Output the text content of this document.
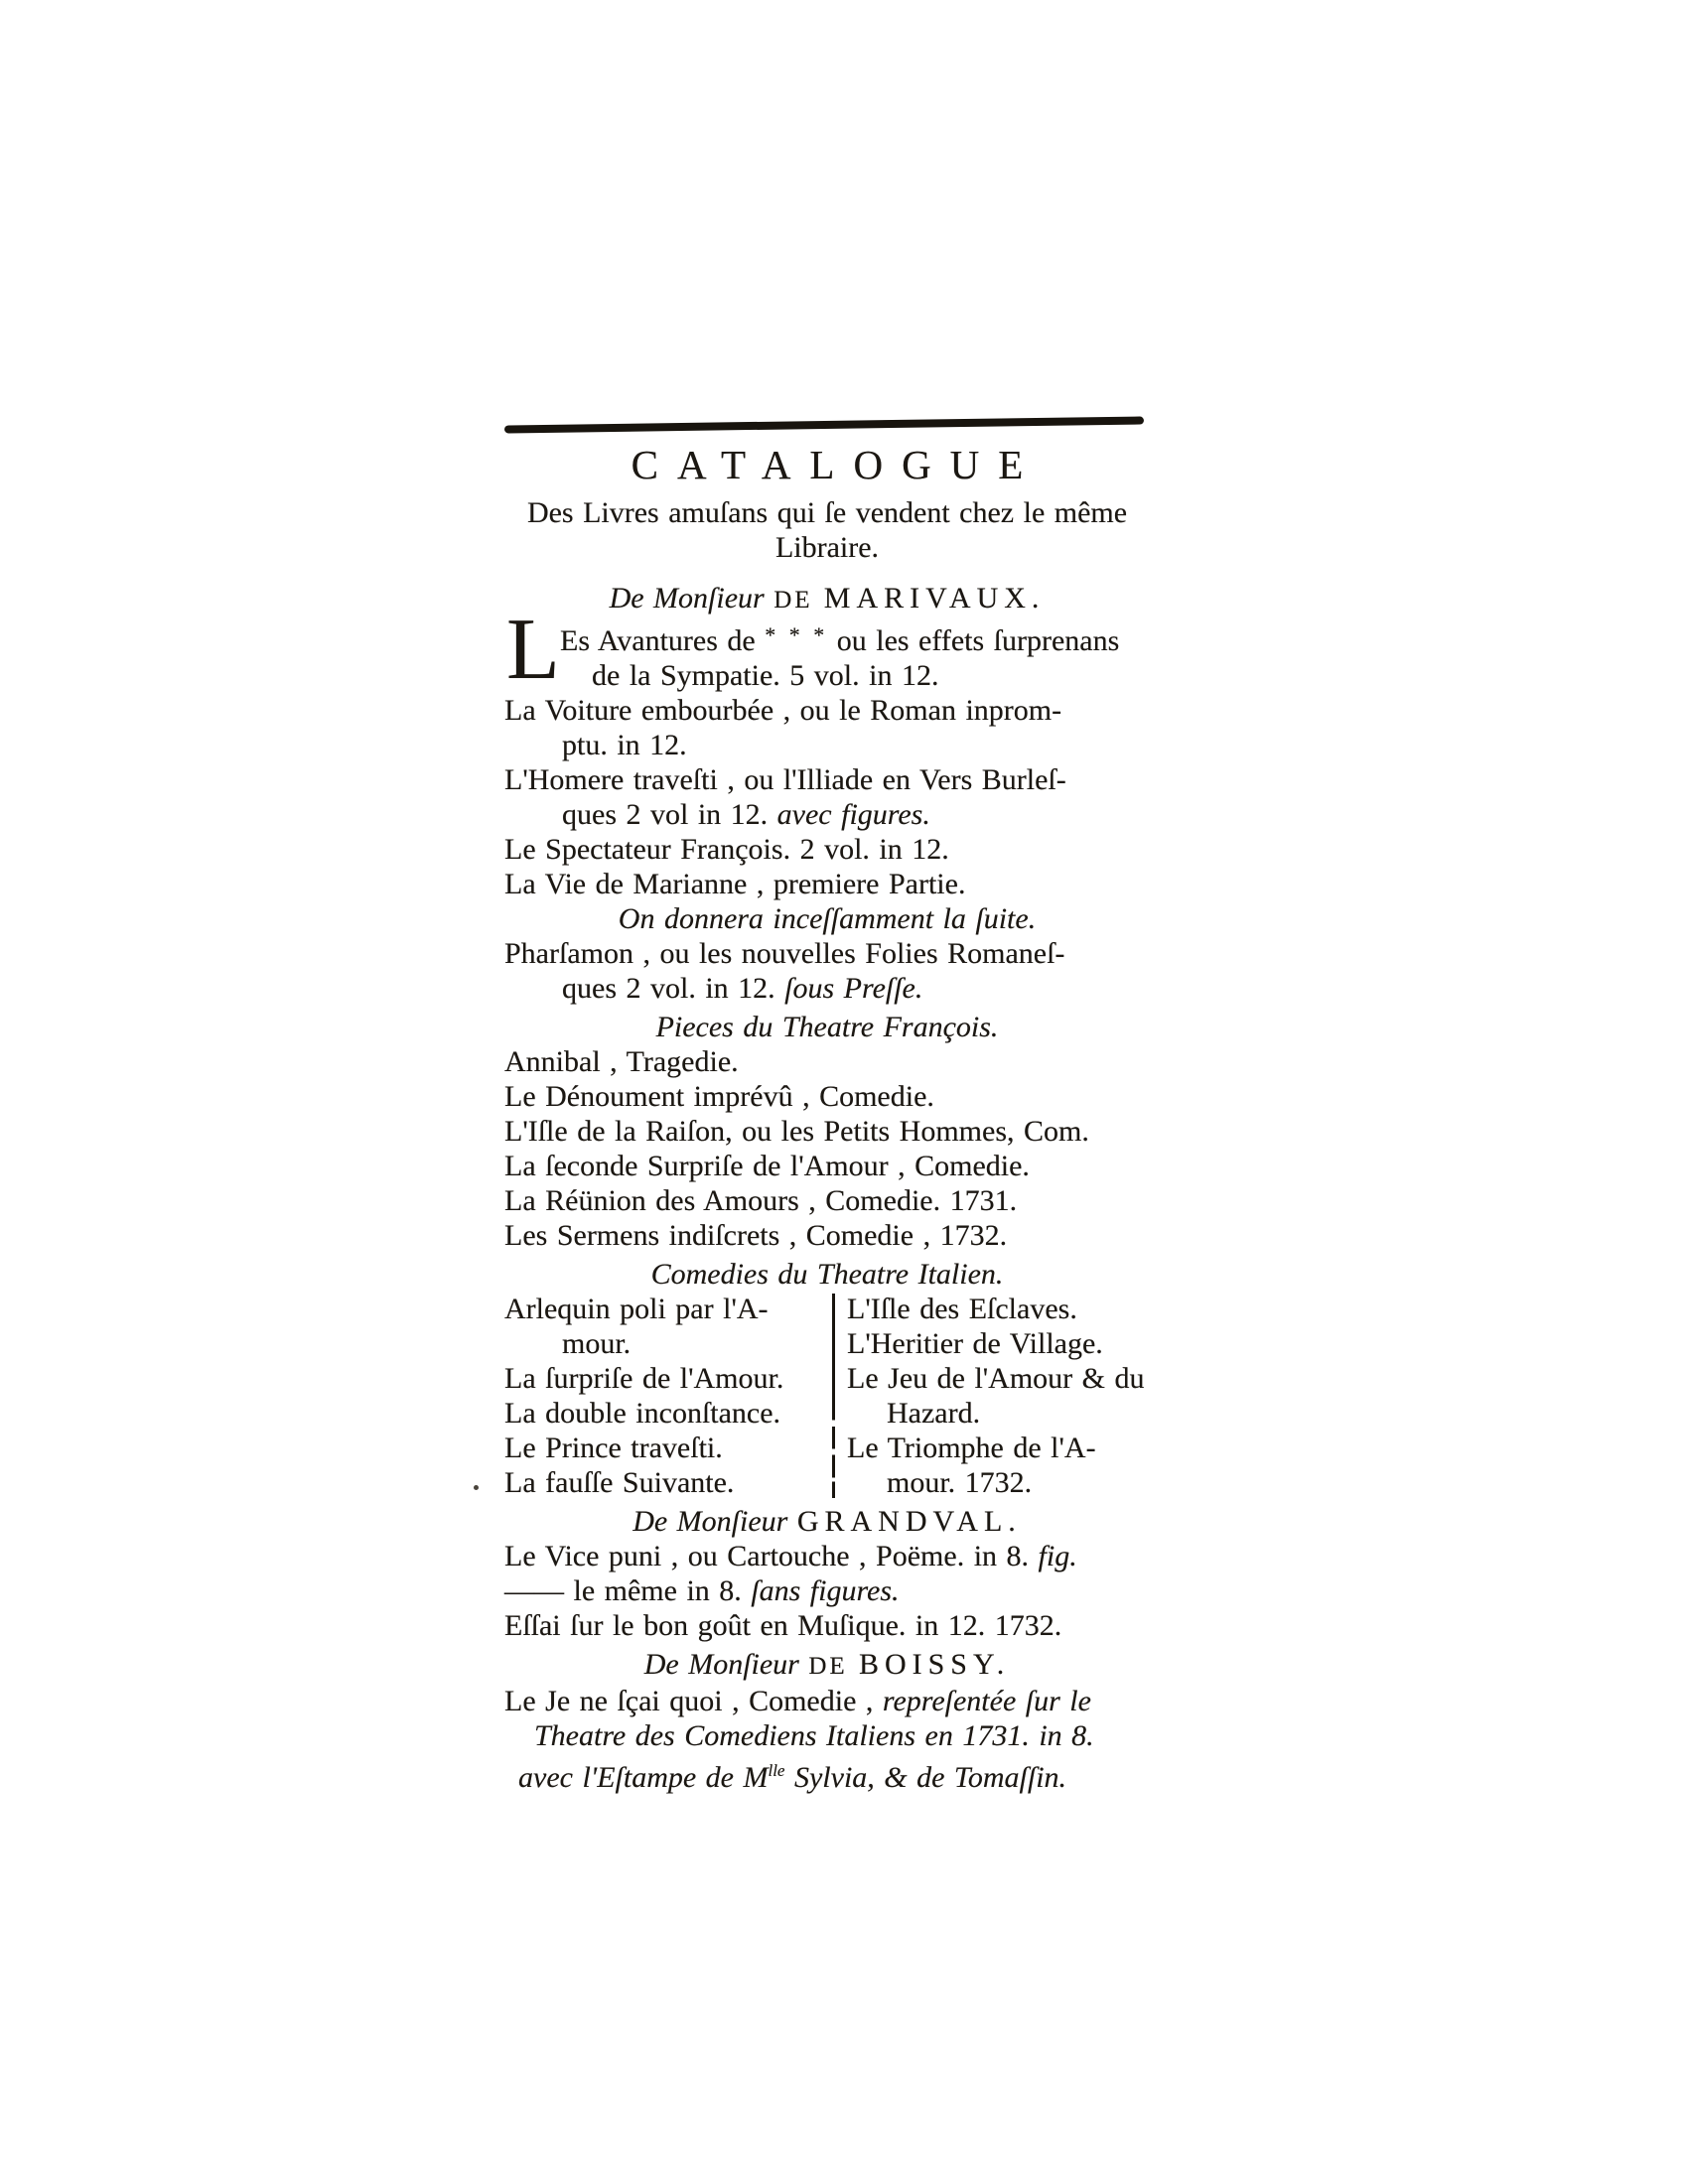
CATALOGUE
Des Livres amuſans qui ſe vendent chez le même
Libraire.
De Monſieur DE MARIVAUX.
L Es Avantures de * * * ou les effets ſurprenans
de la Sympatie. 5 vol. in 12.
La Voiture embourbée , ou le Roman inprom-
ptu. in 12.
L'Homere traveſti , ou l'Illiade en Vers Burleſ-
ques 2 vol in 12. avec figures.
Le Spectateur François. 2 vol. in 12.
La Vie de Marianne , premiere Partie.
On donnera inceſſamment la ſuite.
Pharſamon , ou les nouvelles Folies Romaneſ-
ques 2 vol. in 12. ſous Preſſe.
Pieces du Theatre François.
Annibal , Tragedie.
Le Dénoument imprévû , Comedie.
L'Iſle de la Raiſon, ou les Petits Hommes, Com.
La ſeconde Surpriſe de l'Amour , Comedie.
La Réünion des Amours , Comedie. 1731.
Les Sermens indiſcrets , Comedie , 1732.
Comedies du Theatre Italien.
Arlequin poli par l'A-
mour.
La ſurpriſe de l'Amour.
La double inconſtance.
Le Prince traveſti.
La fauſſe Suivante.
L'Iſle des Eſclaves.
L'Heritier de Village.
Le Jeu de l'Amour & du
Hazard.
Le Triomphe de l'A-
mour. 1732.
De Monſieur GRANDVAL.
Le Vice puni , ou Cartouche , Poëme. in 8. fig.
—— le même in 8. ſans figures.
Eſſai ſur le bon goût en Muſique. in 12. 1732.
De Monſieur DE BOISSY.
Le Je ne ſçai quoi , Comedie , repreſentée ſur le
Theatre des Comediens Italiens en 1731. in 8.
avec l'Eſtampe de $M^{lle}$ Sylvia, & de Tomaſſin.
